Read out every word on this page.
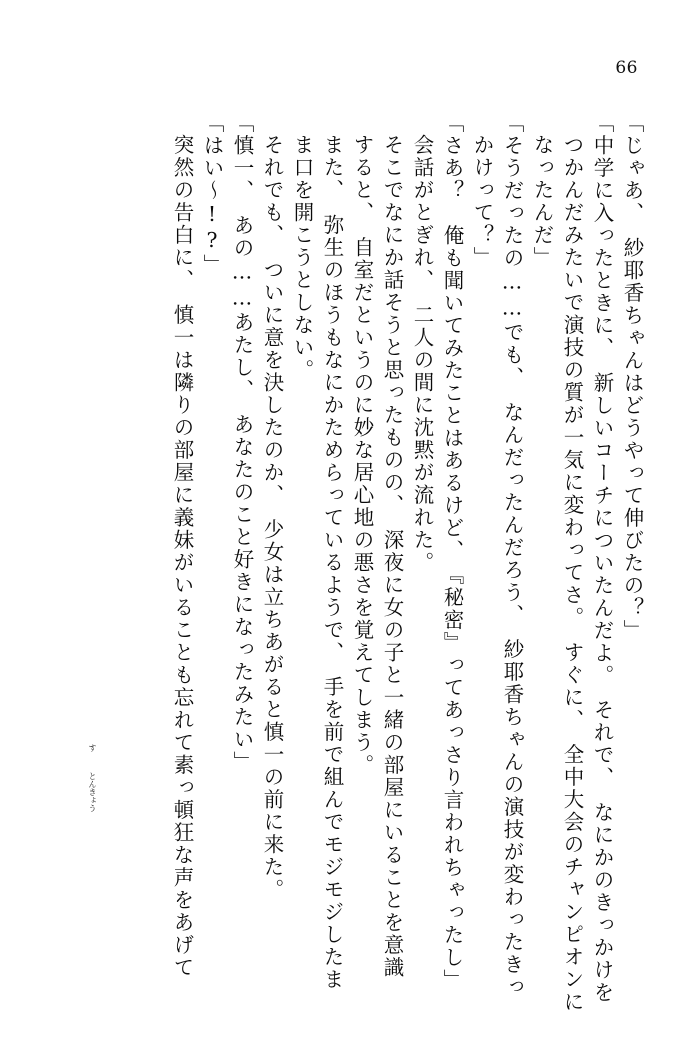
66
「じゃあ、　紗耶香ちゃんはどうやって伸びたの？」
「中学に入ったときに、　新しいコーチについたんだよ。　それで、　なにかのきっかけを
つかんだみたいで演技の質が一気に変わってさ。　すぐに、　全中大会のチャンピオンに
なったんだ」
「そうだったの……でも、　なんだったんだろう、　紗耶香ちゃんの演技が変わったきっ
かけって？」
「さあ？　俺も聞いてみたことはあるけど、　『秘密』ってあっさり言われちゃったし」
会話がとぎれ、　二人の間に沈黙が流れた。
そこでなにか話そうと思ったものの、　深夜に女の子と一緒の部屋にいることを意識
すると、　自室だというのに妙な居心地の悪さを覚えてしまう。
また、　弥生のほうもなにかためらっているようで、　手を前で組んでモジモジしたま
ま口を開こうとしない。
それでも、　ついに意を決したのか、　少女は立ちあがると慎一の前に来た。
「慎一、　あの……あたし、　あなたのこと好きになったみたい」
「はい～!?」
突然の告白に、　慎一は隣りの部屋に義妹がいることも忘れて素っ頓狂な声をあげて
す
とんきょう
